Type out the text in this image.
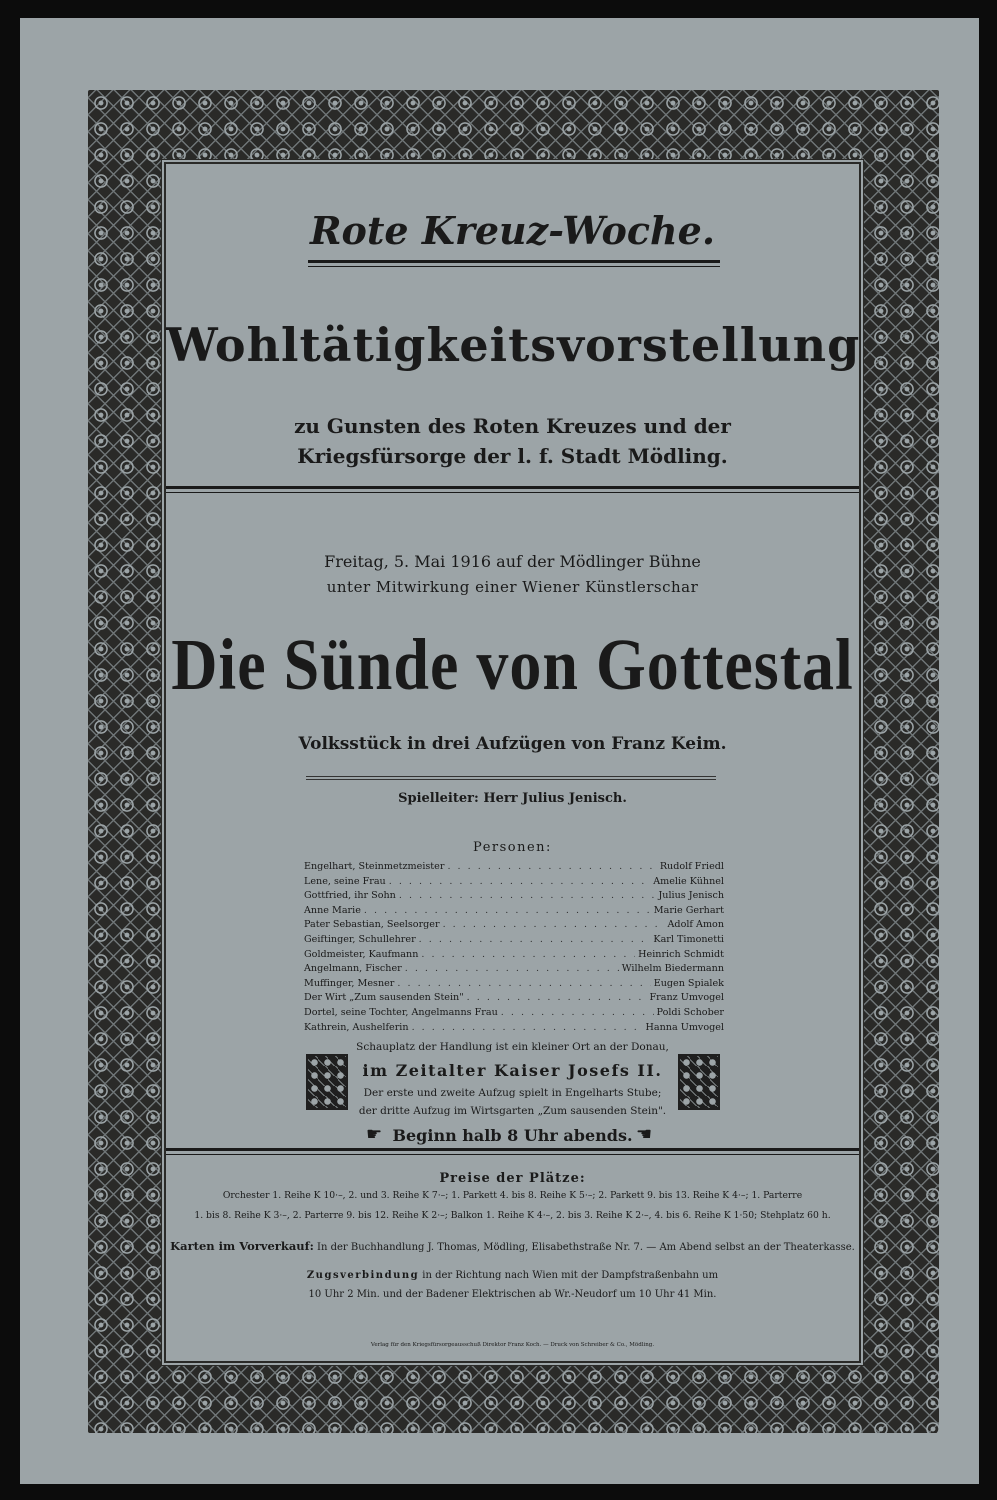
Rote Kreuz-Woche.

Wohltätigkeitsvorstellung

zu Gunsten des Roten Kreuzes und der

Kriegsfürsorge der l. f. Stadt Mödling.

Freitag, 5. Mai 1916 auf der Mödlinger Bühne

unter Mitwirkung einer Wiener Künstlerschar

Die Sünde von Gottestal

Volksstück in drei Aufzügen von Franz Keim.

Spielleiter: Herr Julius Jenisch.

Personen:

Engelhart, Steinmetzmeister . . .	Rudolf Friedl
Lene, seine Frau . . .	Amelie Kühnel
Gottfried, ihr Sohn . . .	Julius Jenisch
Anne Marie . . .	Marie Gerhart
Pater Sebastian, Seelsorger . . .	Adolf Amon
Geiftinger, Schullehrer . . .	Karl Timonetti
Goldmeister, Kaufmann . . .	Heinrich Schmidt
Angelmann, Fischer . . .	Wilhelm Biedermann
Muffinger, Mesner . . .	Eugen Spialek
Der Wirt „Zum sausenden Stein" . . .	Franz Umvogel
Dortel, seine Tochter, Angelmanns Frau . . .	Poldi Schober
Kathrein, Aushelferin . . .	Hanna Umvogel

Schauplatz der Handlung ist ein kleiner Ort an der Donau,

im Zeitalter Kaiser Josefs II.

Der erste und zweite Aufzug spielt in Engelharts Stube;

der dritte Aufzug im Wirtsgarten „Zum sausenden Stein".

☛ Beginn halb 8 Uhr abends. ☛

Preise der Plätze:

Orchester 1. Reihe K 10·–, 2. und 3. Reihe K 7·–; 1. Parkett 4. bis 8. Reihe K 5·–; 2. Parkett 9. bis 13. Reihe K 4·–; 1. Parterre

1. bis 8. Reihe K 3·–, 2. Parterre 9. bis 12. Reihe K 2·–; Balkon 1. Reihe K 4·–, 2. bis 3. Reihe K 2·–, 4. bis 6. Reihe K 1·50; Stehplatz 60 h.

Karten im Vorverkauf: In der Buchhandlung J. Thomas, Mödling, Elisabethstraße Nr. 7. — Am Abend selbst an der Theaterkasse.
Zugsverbindung in der Richtung nach Wien mit der Dampfstraßenbahn um

10 Uhr 2 Min. und der Badener Elektrischen ab Wr.-Neudorf um 10 Uhr 41 Min.

Verlag für den Kriegsfürsorgeausschuß Direktor Franz Koch. — Druck von Schreiber & Co., Mödling.
